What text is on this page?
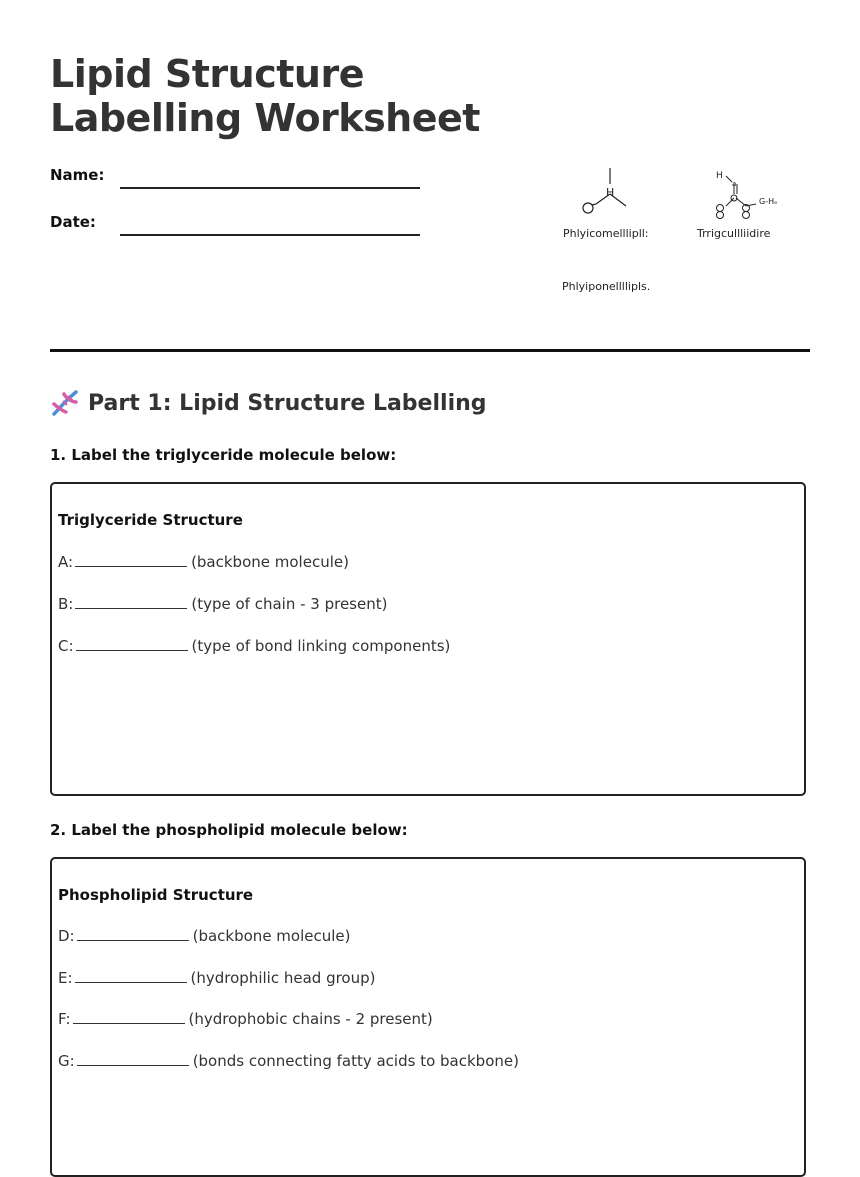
Lipid Structure Labelling Worksheet
Name:
Date:
H
H
a
G-Hₑ
Phlyicomelllipll:	Trrigcullliidire
Phlyiponellllipls.
Part 1: Lipid Structure Labelling
1. Label the triglyceride molecule below:
Triglyceride Structure
A:	(backbone molecule)
B:	(type of chain - 3 present)
C:	(type of bond linking components)
2. Label the phospholipid molecule below:
Phospholipid Structure
D:	(backbone molecule)
E:	(hydrophilic head group)
F:	(hydrophobic chains - 2 present)
G:	(bonds connecting fatty acids to backbone)
